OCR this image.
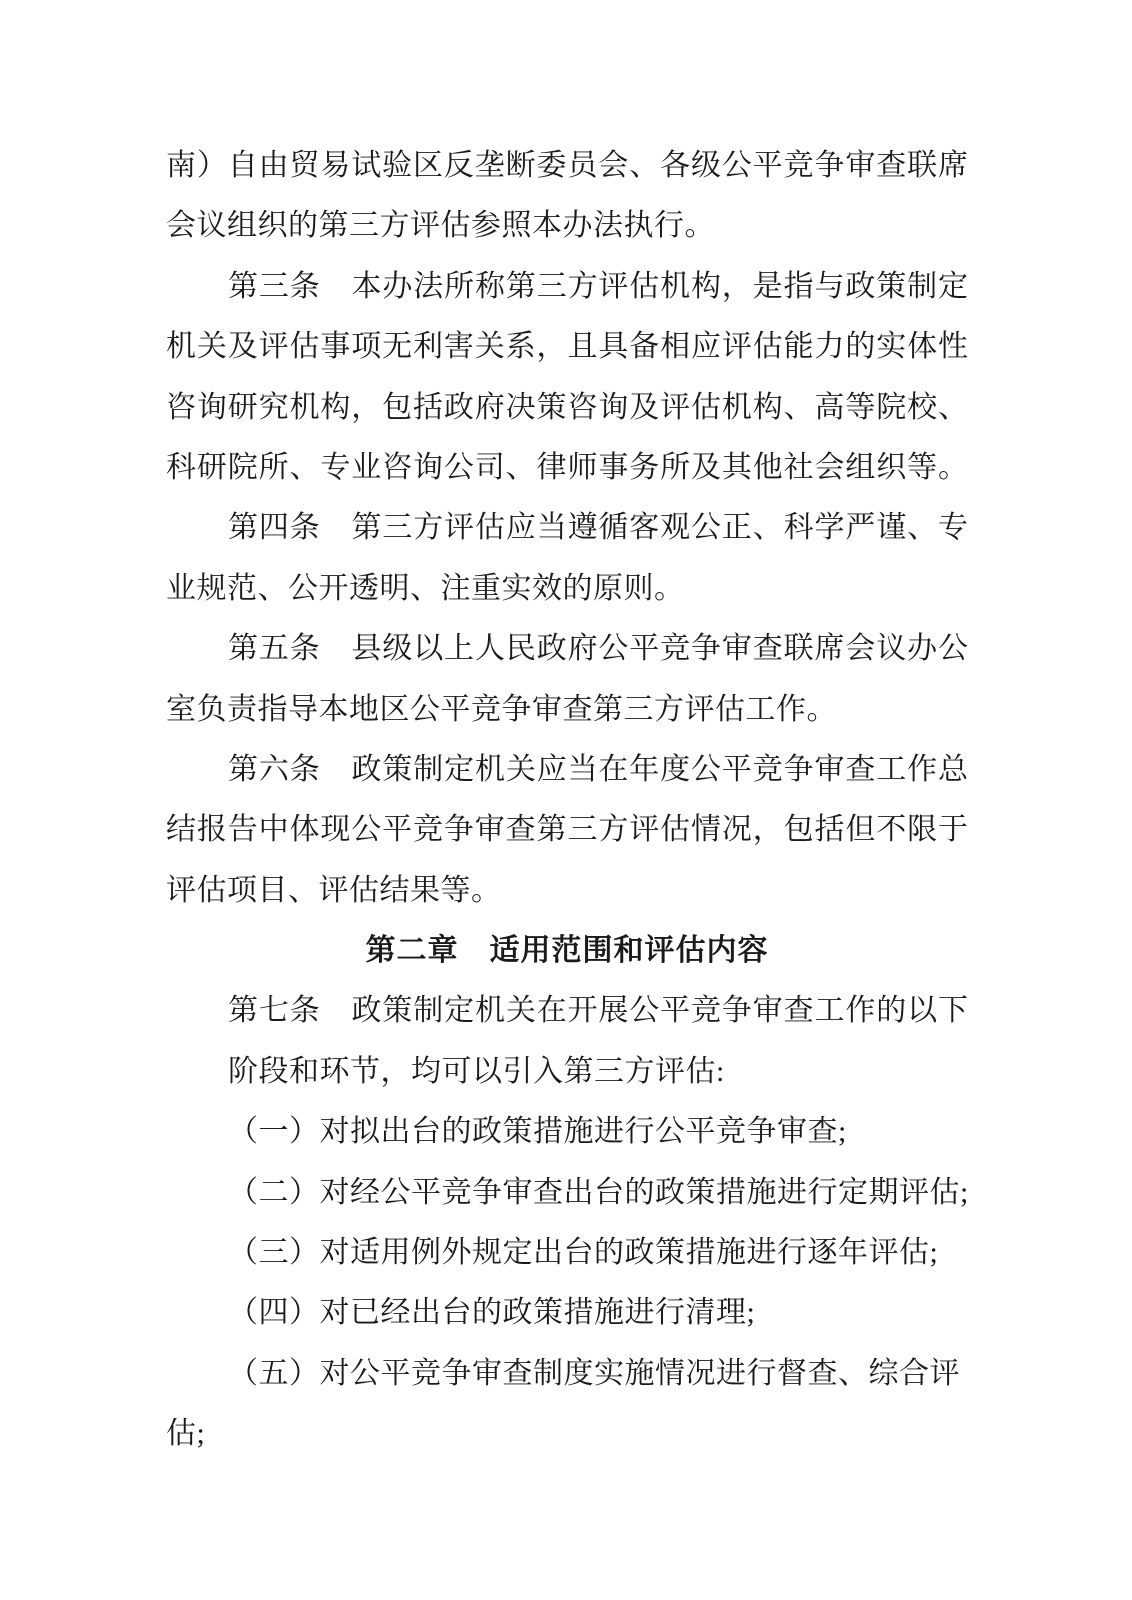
南）自由贸易试验区反垄断委员会、各级公平竞争审查联席
会议组织的第三方评估参照本办法执行。
第三条　本办法所称第三方评估机构，是指与政策制定
机关及评估事项无利害关系，且具备相应评估能力的实体性
咨询研究机构，包括政府决策咨询及评估机构、高等院校、
科研院所、专业咨询公司、律师事务所及其他社会组织等。
第四条　第三方评估应当遵循客观公正、科学严谨、专
业规范、公开透明、注重实效的原则。
第五条　县级以上人民政府公平竞争审查联席会议办公
室负责指导本地区公平竞争审查第三方评估工作。
第六条　政策制定机关应当在年度公平竞争审查工作总
结报告中体现公平竞争审查第三方评估情况，包括但不限于
评估项目、评估结果等。
第二章　适用范围和评估内容
第七条　政策制定机关在开展公平竞争审查工作的以下
阶段和环节，均可以引入第三方评估:
（一）对拟出台的政策措施进行公平竞争审查;
（二）对经公平竞争审查出台的政策措施进行定期评估;
（三）对适用例外规定出台的政策措施进行逐年评估;
（四）对已经出台的政策措施进行清理;
（五）对公平竞争审查制度实施情况进行督查、综合评
估;
